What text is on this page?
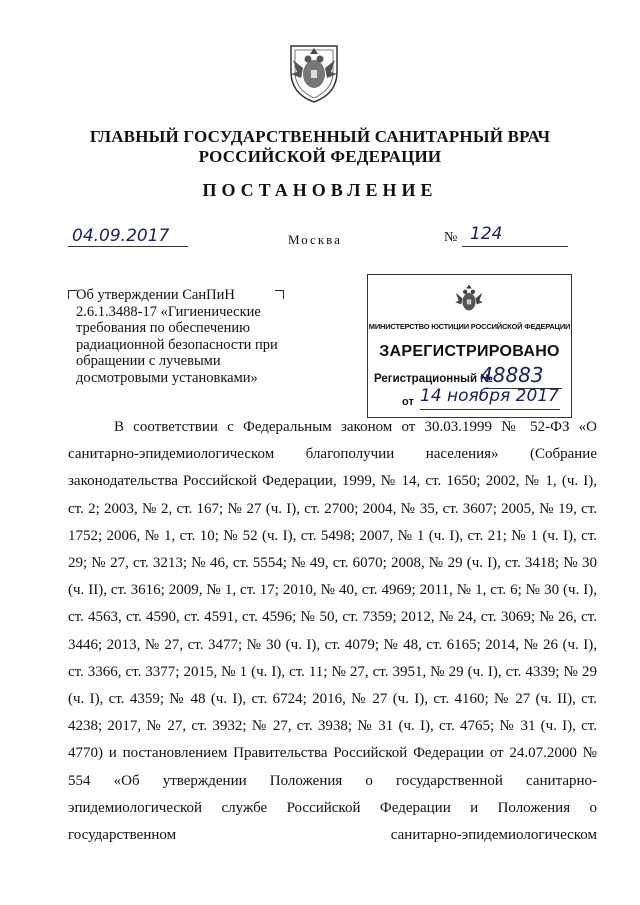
ГЛАВНЫЙ ГОСУДАРСТВЕННЫЙ САНИТАРНЫЙ ВРАЧ
РОССИЙСКОЙ ФЕДЕРАЦИИ
ПОСТАНОВЛЕНИЕ
04.09.2017	Москва	№ 124
Об утверждении СанПиН 2.6.1.3488-17 «Гигиенические требования по обеспечению радиационной безопасности при обращении с лучевыми досмотровыми установками»
МИНИСТЕРСТВО ЮСТИЦИИ РОССИЙСКОЙ ФЕДЕРАЦИИ
ЗАРЕГИСТРИРОВАНО
Регистрационный №
48883
от 14 ноября 2017

В соответствии с Федеральным законом от 30.03.1999 № 52-ФЗ «О санитарно-эпидемиологическом благополучии населения» (Собрание законодательства Российской Федерации, 1999, № 14, ст. 1650; 2002, № 1, (ч. I), ст. 2; 2003, № 2, ст. 167; № 27 (ч. I), ст. 2700; 2004, № 35, ст. 3607; 2005, № 19, ст. 1752; 2006, № 1, ст. 10; № 52 (ч. I), ст. 5498; 2007, № 1 (ч. I), ст. 21; № 1 (ч. I), ст. 29; № 27, ст. 3213; № 46, ст. 5554; № 49, ст. 6070; 2008, № 29 (ч. I), ст. 3418; № 30 (ч. II), ст. 3616; 2009, № 1, ст. 17; 2010, № 40, ст. 4969; 2011, № 1, ст. 6; № 30 (ч. I), ст. 4563, ст. 4590, ст. 4591, ст. 4596; № 50, ст. 7359; 2012, № 24, ст. 3069; № 26, ст. 3446; 2013, № 27, ст. 3477; № 30 (ч. I), ст. 4079; № 48, ст. 6165; 2014, № 26 (ч. I), ст. 3366, ст. 3377; 2015, № 1 (ч. I), ст. 11; № 27, ст. 3951, № 29 (ч. I), ст. 4339; № 29 (ч. I), ст. 4359; № 48 (ч. I), ст. 6724; 2016, № 27 (ч. I), ст. 4160; № 27 (ч. II), ст. 4238; 2017, № 27, ст. 3932; № 27, ст. 3938; № 31 (ч. I), ст. 4765; № 31 (ч. I), ст. 4770) и постановлением Правительства Российской Федерации от 24.07.2000 № 554 «Об утверждении Положения о государственной санитарно-эпидемиологической службе Российской Федерации и Положения о государственном санитарно-эпидемиологическом
